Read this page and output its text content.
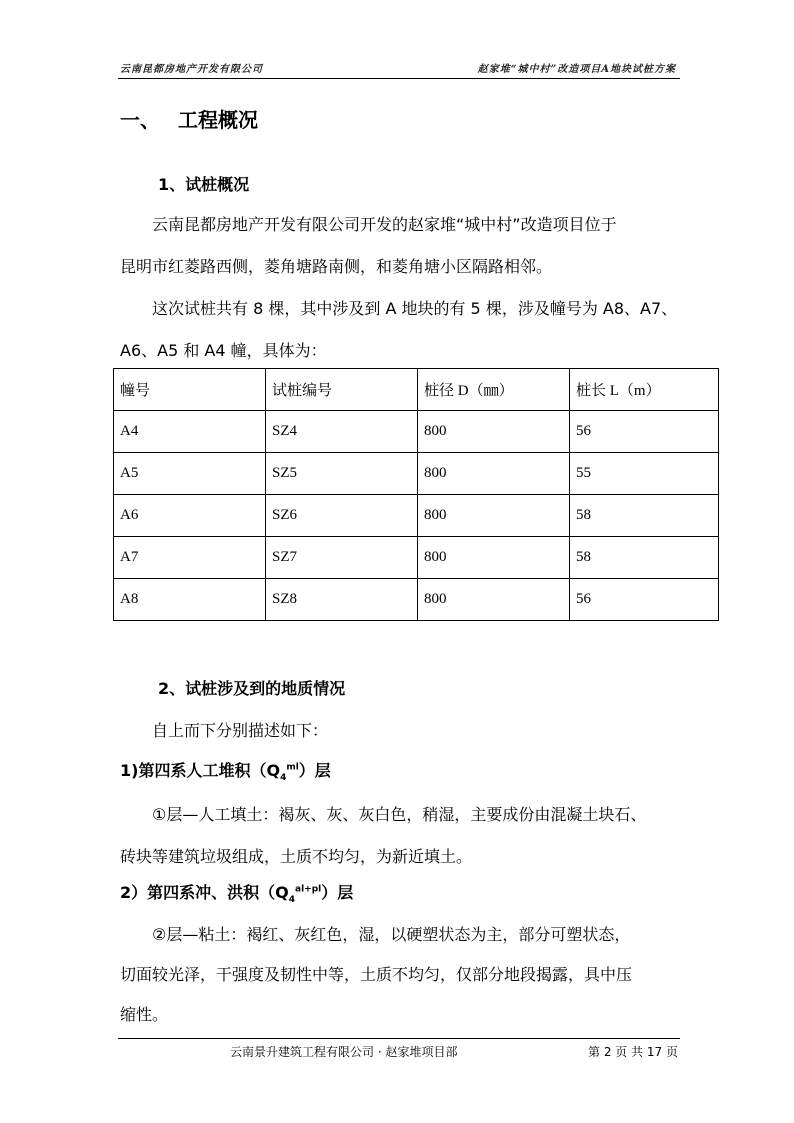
云南昆都房地产开发有限公司	赵家堆“城中村”改造项目A地块试桩方案
一、 工程概况
1、试桩概况
云南昆都房地产开发有限公司开发的赵家堆“城中村”改造项目位于
昆明市红菱路西侧，菱角塘路南侧，和菱角塘小区隔路相邻。
这次试桩共有 8 棵，其中涉及到 A 地块的有 5 棵，涉及幢号为 A8、A7、
A6、A5 和 A4 幢，具体为：
幢号	试桩编号	桩径 D（㎜）	桩长 L（m）
A4	SZ4	800	56
A5	SZ5	800	55
A6	SZ6	800	58
A7	SZ7	800	58
A8	SZ8	800	56
2、试桩涉及到的地质情况
自上而下分别描述如下：
1)第四系人工堆积$(Q_4^{ml})$层
①层—人工填土：褐灰、灰、灰白色，稍湿，主要成份由混凝土块石、
砖块等建筑垃圾组成，土质不均匀，为新近填土。
2）第四系冲、洪积$(Q_4^{al+pl})$层
②层—粘土：褐红、灰红色，湿，以硬塑状态为主，部分可塑状态，
切面较光泽，干强度及韧性中等，土质不均匀，仅部分地段揭露，具中压
缩性。
云南景升建筑工程有限公司 · 赵家堆项目部	第 2 页 共 17 页
